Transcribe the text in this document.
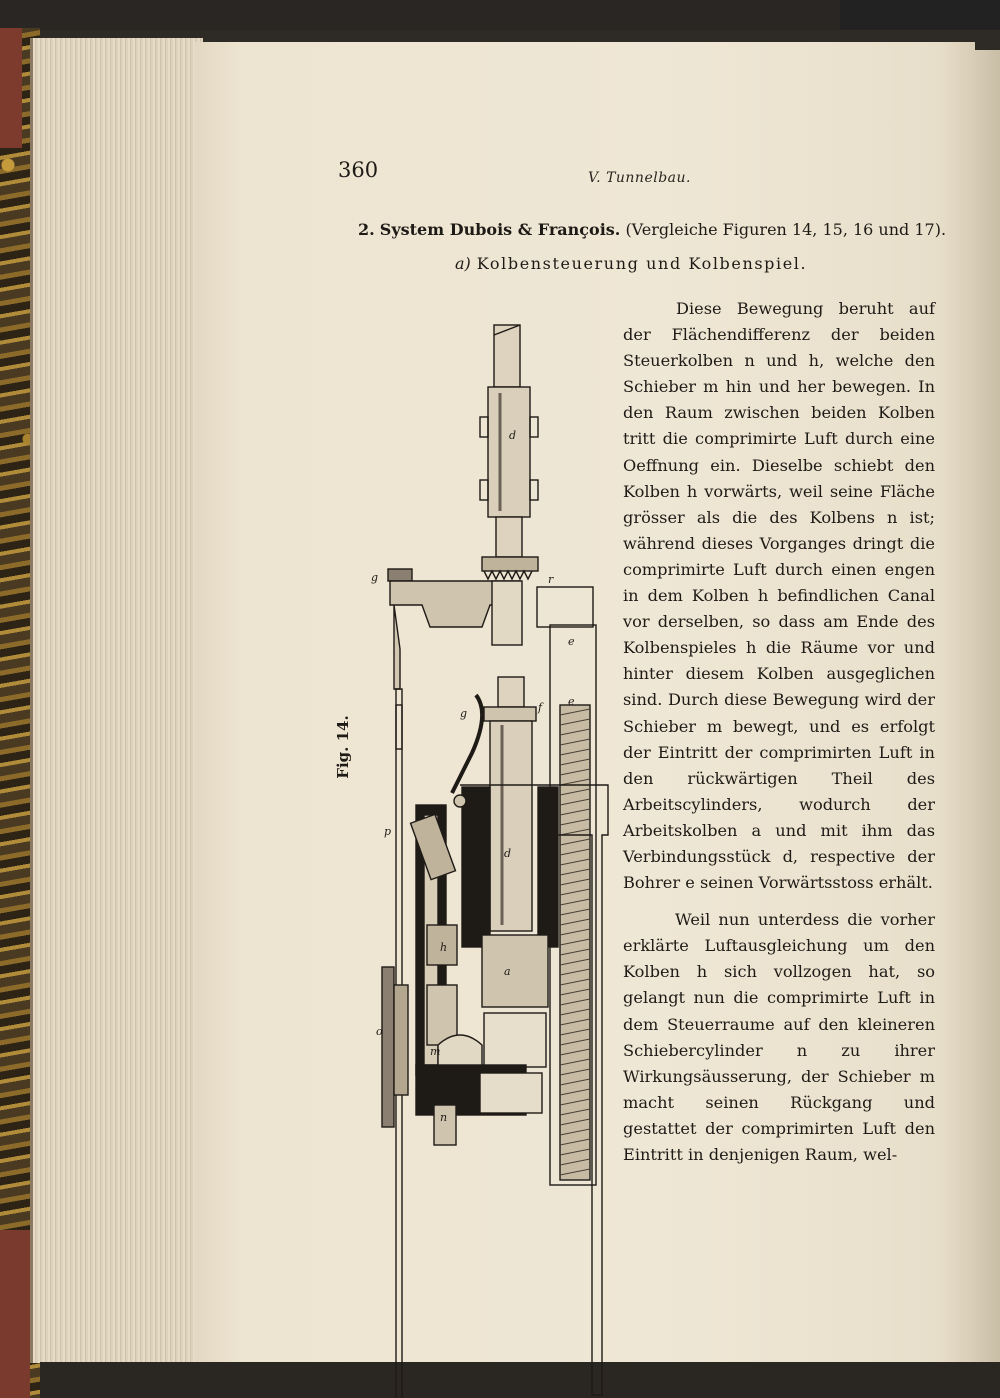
360	V. Tunnelbau.
2. System Dubois & François. (Vergleiche Figuren 14, 15, 16 und 17).
a) Kolbensteuerung und Kolbenspiel.
Fig. 14.
g
d
r
e
g	f e
d
a
h
m
n
o
p

Diese Bewegung beruht auf der Flächendifferenz der beiden Steuerkolben n und h, welche den Schieber m hin und her bewegen. In den Raum zwischen beiden Kolben tritt die comprimirte Luft durch eine Oeffnung ein. Dieselbe schiebt den Kolben h vorwärts, weil seine Fläche grösser als die des Kolbens n ist; während dieses Vorganges dringt die comprimirte Luft durch einen engen in dem Kolben h befindlichen Canal vor derselben, so dass am Ende des Kolbenspieles h die Räume vor und hinter diesem Kolben ausgeglichen sind. Durch diese Bewegung wird der Schieber m bewegt, und es erfolgt der Eintritt der comprimirten Luft in den rückwärtigen Theil des Arbeitscylinders, wodurch der Arbeitskolben a und mit ihm das Verbindungsstück d, respective der Bohrer e seinen Vorwärtsstoss erhält.

Weil nun unterdess die vorher erklärte Luftausgleichung um den Kolben h sich vollzogen hat, so gelangt nun die comprimirte Luft in dem Steuerraume auf den kleineren Schiebercylinder n zu ihrer Wirkungsäusserung, der Schieber m macht seinen Rückgang und gestattet der comprimirten Luft den Eintritt in denjenigen Raum, wel-
